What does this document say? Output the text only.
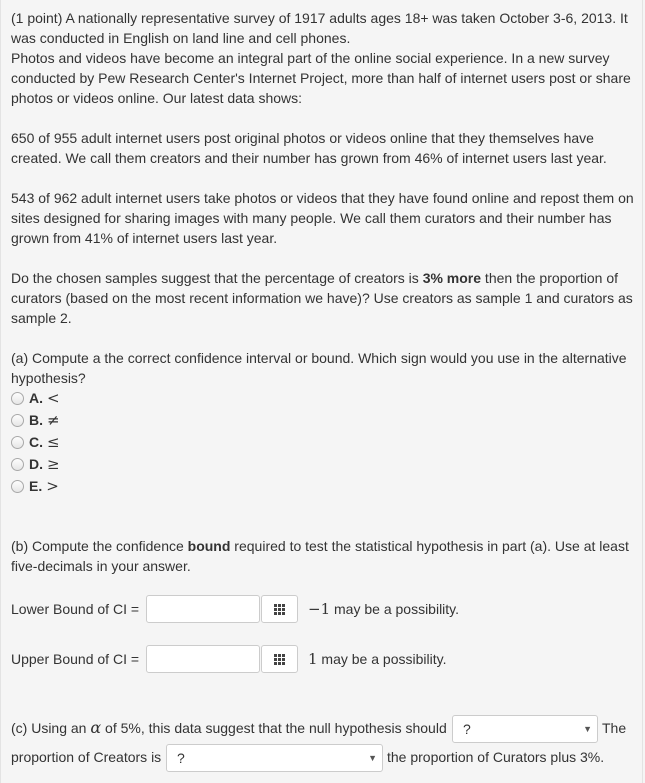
(1 point) A nationally representative survey of 1917 adults ages 18+ was taken October 3-6, 2013. It was conducted in English on land line and cell phones.

Photos and videos have become an integral part of the online social experience. In a new survey conducted by Pew Research Center's Internet Project, more than half of internet users post or share photos or videos online. Our latest data shows:

650 of 955 adult internet users post original photos or videos online that they themselves have created. We call them creators and their number has grown from 46% of internet users last year.

543 of 962 adult internet users take photos or videos that they have found online and repost them on sites designed for sharing images with many people. We call them curators and their number has grown from 41% of internet users last year.

Do the chosen samples suggest that the percentage of creators is 3% more then the proportion of curators (based on the most recent information we have)? Use creators as sample 1 and curators as sample 2.

(a) Compute a the correct confidence interval or bound. Which sign would you use in the alternative hypothesis?

A. <
B. ≠
C. ≤
D. ≥
E. >

(b) Compute the confidence bound required to test the statistical hypothesis in part (a). Use at least five-decimals in your answer.

Lower Bound of CI =	−1 may be a possibility.
Upper Bound of CI =	1 may be a possibility.
(c) Using an α of 5%, this data suggest that the null hypothesis should	?	▼ The
proportion of Creators is	?	▼ the proportion of Curators plus 3%.
